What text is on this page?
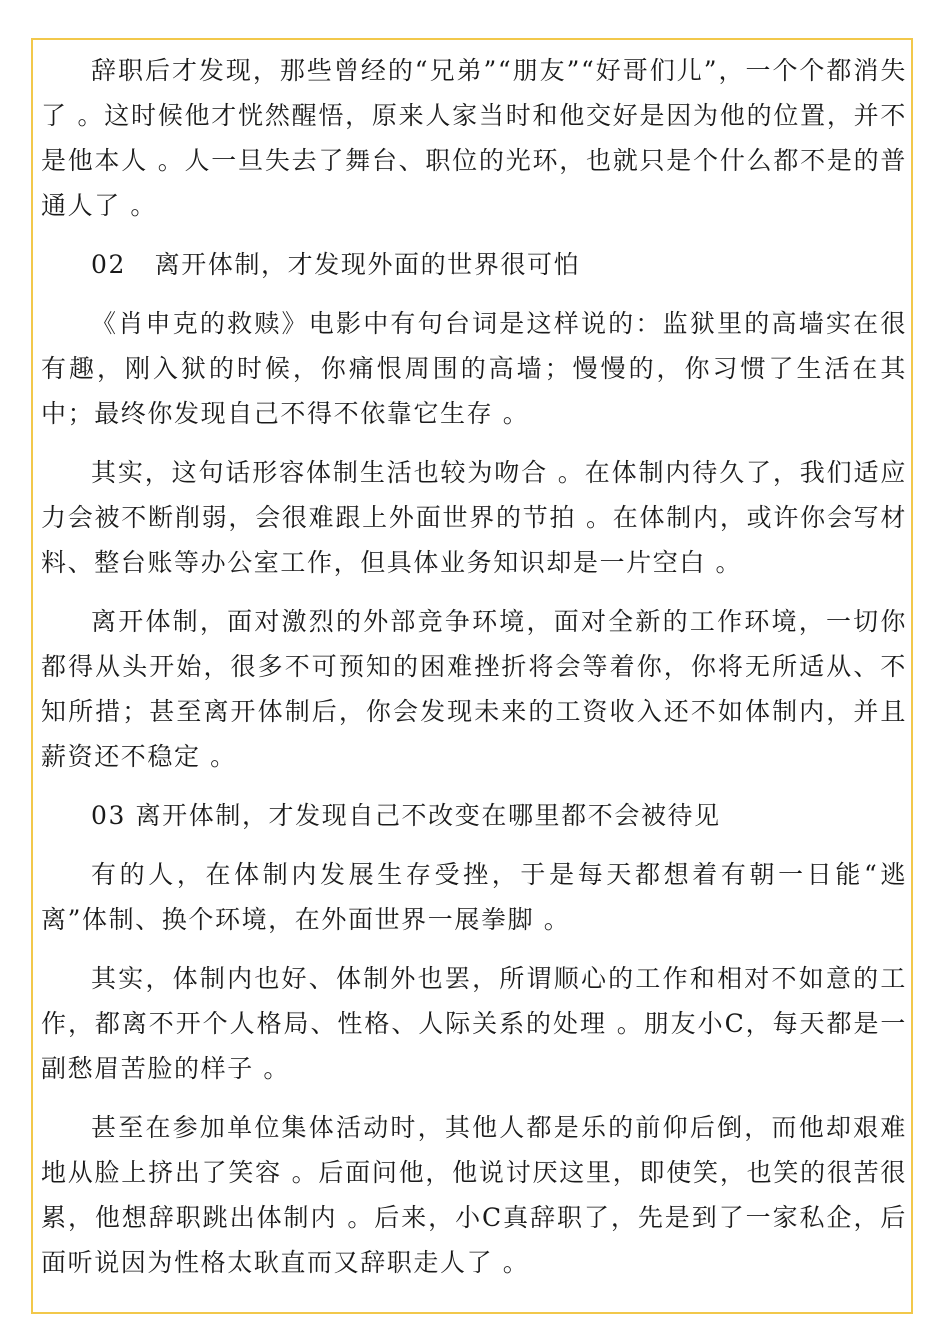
辞职后才发现，那些曾经的“兄弟”“朋友”“好哥们儿”，一个个都消失了 。这时候他才恍然醒悟，原来人家当时和他交好是因为他的位置，并不是他本人 。人一旦失去了舞台、职位的光环，也就只是个什么都不是的普通人了 。

02   离开体制，才发现外面的世界很可怕

《肖申克的救赎》电影中有句台词是这样说的：监狱里的高墙实在很有趣，刚入狱的时候，你痛恨周围的高墙；慢慢的，你习惯了生活在其中；最终你发现自己不得不依靠它生存 。

其实，这句话形容体制生活也较为吻合 。在体制内待久了，我们适应力会被不断削弱，会很难跟上外面世界的节拍 。在体制内，或许你会写材料、整台账等办公室工作，但具体业务知识却是一片空白 。

离开体制，面对激烈的外部竞争环境，面对全新的工作环境，一切你都得从头开始，很多不可预知的困难挫折将会等着你，你将无所适从、不知所措；甚至离开体制后，你会发现未来的工资收入还不如体制内，并且薪资还不稳定 。

03 离开体制，才发现自己不改变在哪里都不会被待见

有的人，在体制内发展生存受挫，于是每天都想着有朝一日能“逃离”体制、换个环境，在外面世界一展拳脚 。

其实，体制内也好、体制外也罢，所谓顺心的工作和相对不如意的工作，都离不开个人格局、性格、人际关系的处理 。朋友小C，每天都是一副愁眉苦脸的样子 。

甚至在参加单位集体活动时，其他人都是乐的前仰后倒，而他却艰难地从脸上挤出了笑容 。后面问他，他说讨厌这里，即使笑，也笑的很苦很累，他想辞职跳出体制内 。后来，小C真辞职了，先是到了一家私企，后面听说因为性格太耿直而又辞职走人了 。
